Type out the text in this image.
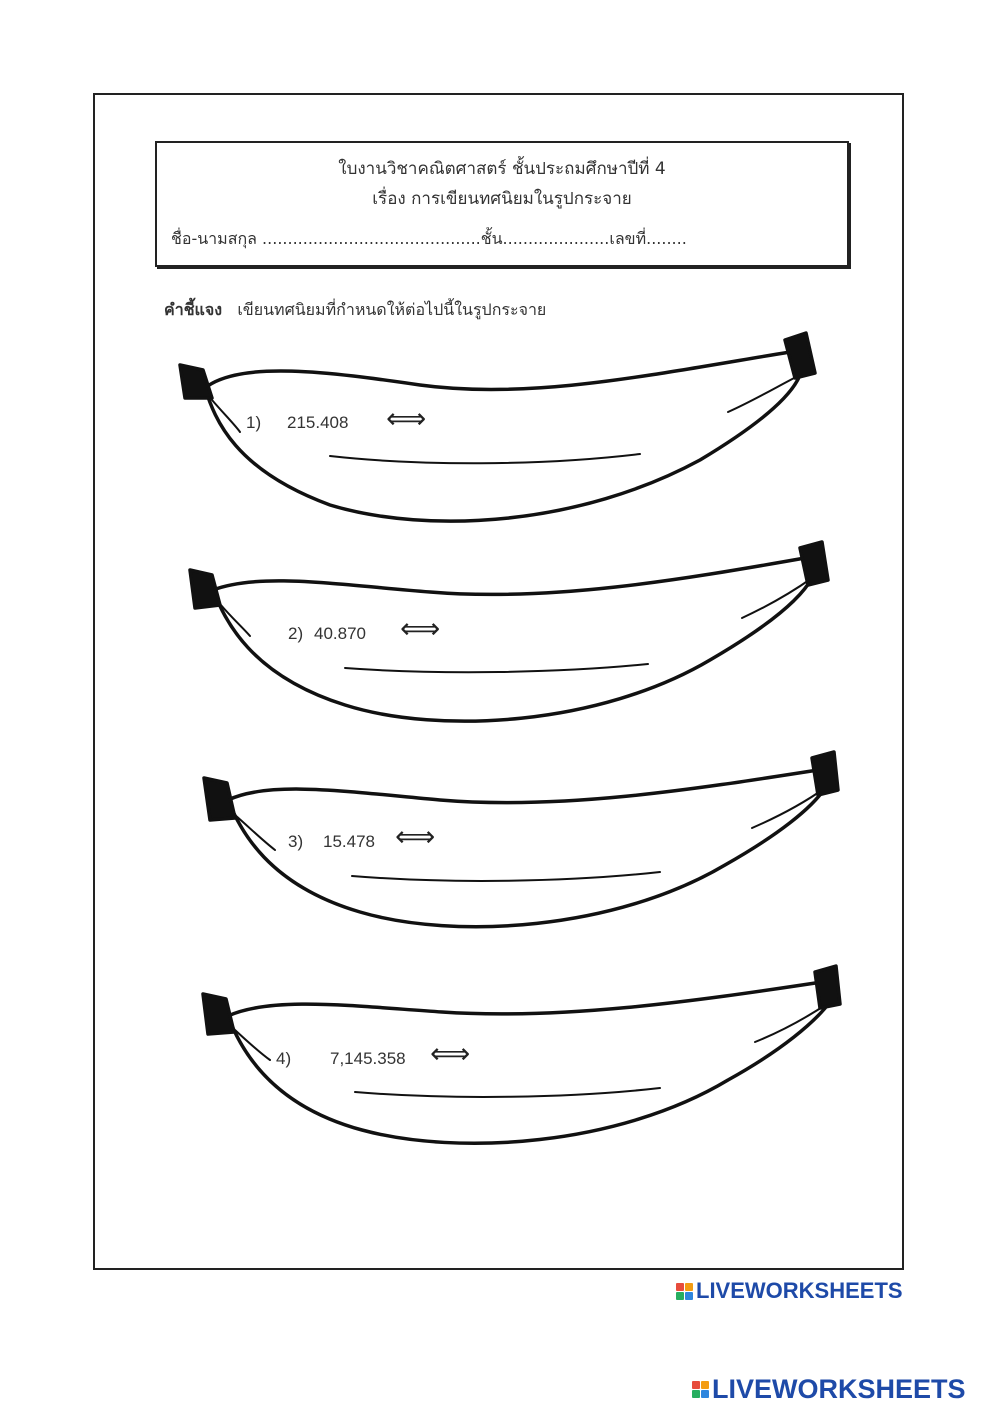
ใบงานวิชาคณิตศาสตร์ ชั้นประถมศึกษาปีที่ 4
เรื่อง การเขียนทศนิยมในรูปกระจาย
ชื่อ-นามสกุล ...........................................ชั้น.....................เลขที่........
คำชี้แจง เขียนทศนิยมที่กำหนดให้ต่อไปนี้ในรูปกระจาย
1) 215.408 ⟺
2) 40.870 ⟺
3) 15.478 ⟺
4) 7,145.358 ⟺
LIVEWORKSHEETS
LIVEWORKSHEETS
